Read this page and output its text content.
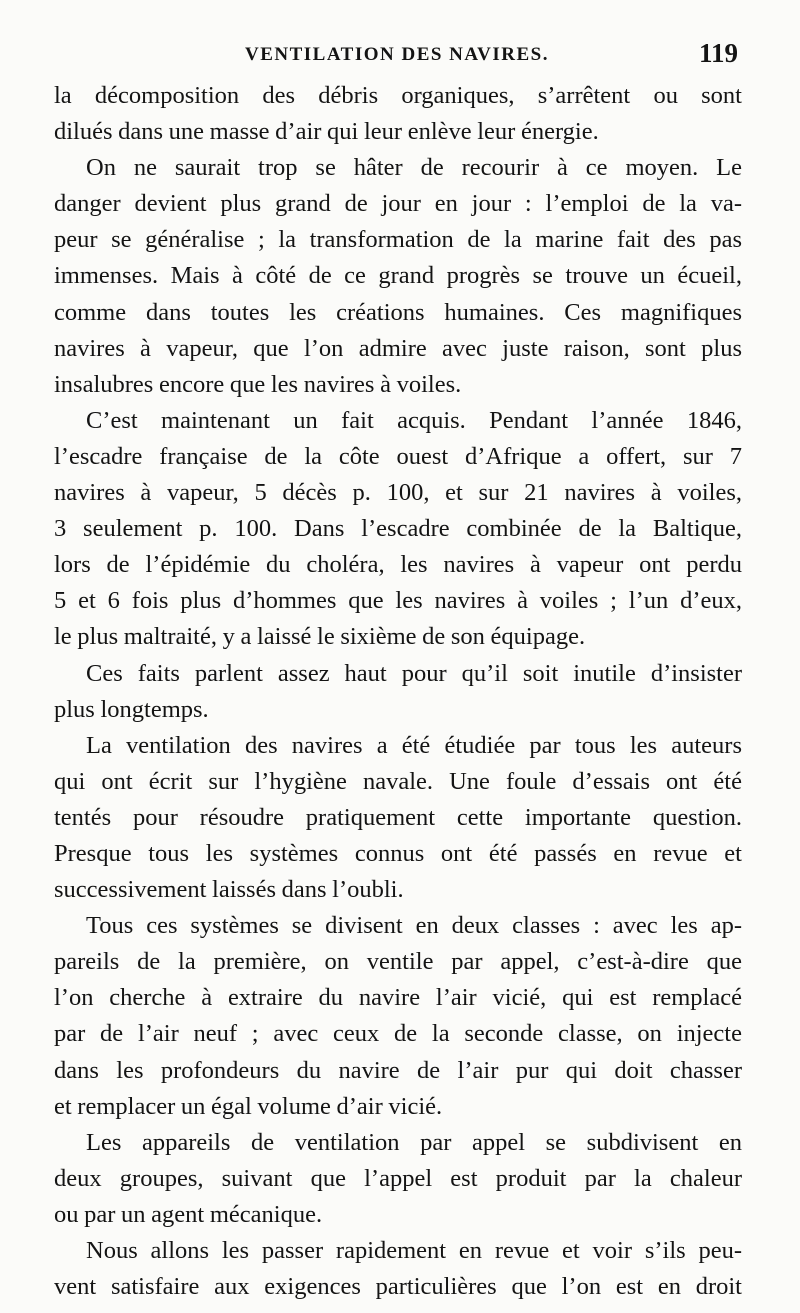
VENTILATION DES NAVIRES.	119

la décomposition des débris organiques, s’arrêtent ou sont

dilués dans une masse d’air qui leur enlève leur énergie.

On ne saurait trop se hâter de recourir à ce moyen. Le

danger devient plus grand de jour en jour : l’emploi de la va-

peur se généralise ; la transformation de la marine fait des pas

immenses. Mais à côté de ce grand progrès se trouve un écueil,

comme dans toutes les créations humaines. Ces magnifiques

navires à vapeur, que l’on admire avec juste raison, sont plus

insalubres encore que les navires à voiles.

C’est maintenant un fait acquis. Pendant l’année 1846,

l’escadre française de la côte ouest d’Afrique a offert, sur 7

navires à vapeur, 5 décès p. 100, et sur 21 navires à voiles,

3 seulement p. 100. Dans l’escadre combinée de la Baltique,

lors de l’épidémie du choléra, les navires à vapeur ont perdu

5 et 6 fois plus d’hommes que les navires à voiles ; l’un d’eux,

le plus maltraité, y a laissé le sixième de son équipage.

Ces faits parlent assez haut pour qu’il soit inutile d’insister

plus longtemps.

La ventilation des navires a été étudiée par tous les auteurs

qui ont écrit sur l’hygiène navale. Une foule d’essais ont été

tentés pour résoudre pratiquement cette importante question.

Presque tous les systèmes connus ont été passés en revue et

successivement laissés dans l’oubli.

Tous ces systèmes se divisent en deux classes : avec les ap-

pareils de la première, on ventile par appel, c’est-à-dire que

l’on cherche à extraire du navire l’air vicié, qui est remplacé

par de l’air neuf ; avec ceux de la seconde classe, on injecte

dans les profondeurs du navire de l’air pur qui doit chasser

et remplacer un égal volume d’air vicié.

Les appareils de ventilation par appel se subdivisent en

deux groupes, suivant que l’appel est produit par la chaleur

ou par un agent mécanique.

Nous allons les passer rapidement en revue et voir s’ils peu-

vent satisfaire aux exigences particulières que l’on est en droit
